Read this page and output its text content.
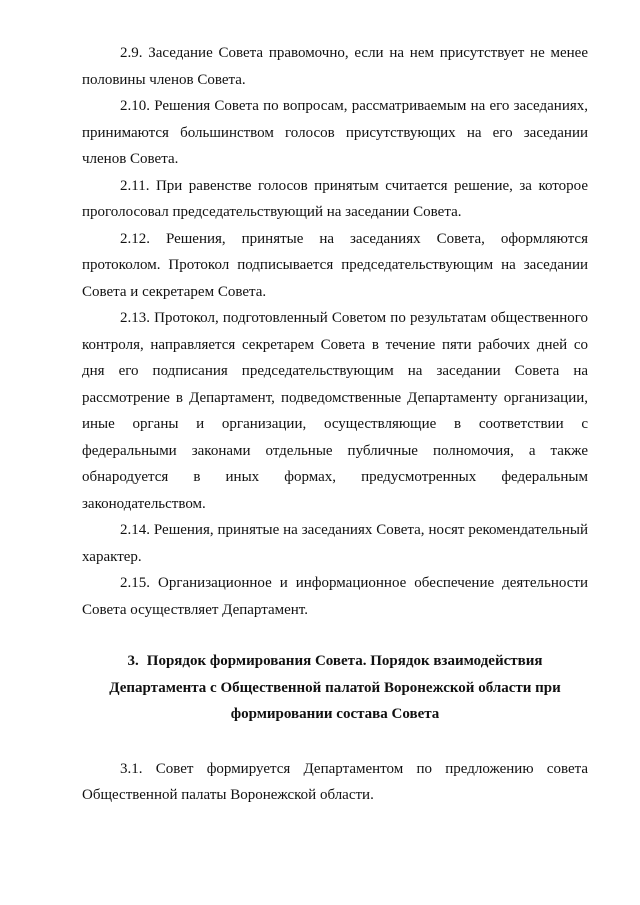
2.9. Заседание Совета правомочно, если на нем присутствует не менее половины членов Совета.

2.10. Решения Совета по вопросам, рассматриваемым на его заседаниях, принимаются большинством голосов присутствующих на его заседании членов Совета.

2.11. При равенстве голосов принятым считается решение, за которое проголосовал председательствующий на заседании Совета.

2.12. Решения, принятые на заседаниях Совета, оформляются протоколом. Протокол подписывается председательствующим на заседании Совета и секретарем Совета.

2.13. Протокол, подготовленный Советом по результатам общественного контроля, направляется секретарем Совета в течение пяти рабочих дней со дня его подписания председательствующим на заседании Совета на рассмотрение в Департамент, подведомственные Департаменту организации, иные органы и организации, осуществляющие в соответствии с федеральными законами отдельные публичные полномочия, а также обнародуется в иных формах, предусмотренных федеральным законодательством.

2.14. Решения, принятые на заседаниях Совета, носят рекомендательный характер.

2.15. Организационное и информационное обеспечение деятельности Совета осуществляет Департамент.

3. Порядок формирования Совета. Порядок взаимодействия Департамента с Общественной палатой Воронежской области при формировании состава Совета

3.1. Совет формируется Департаментом по предложению совета Общественной палаты Воронежской области.
